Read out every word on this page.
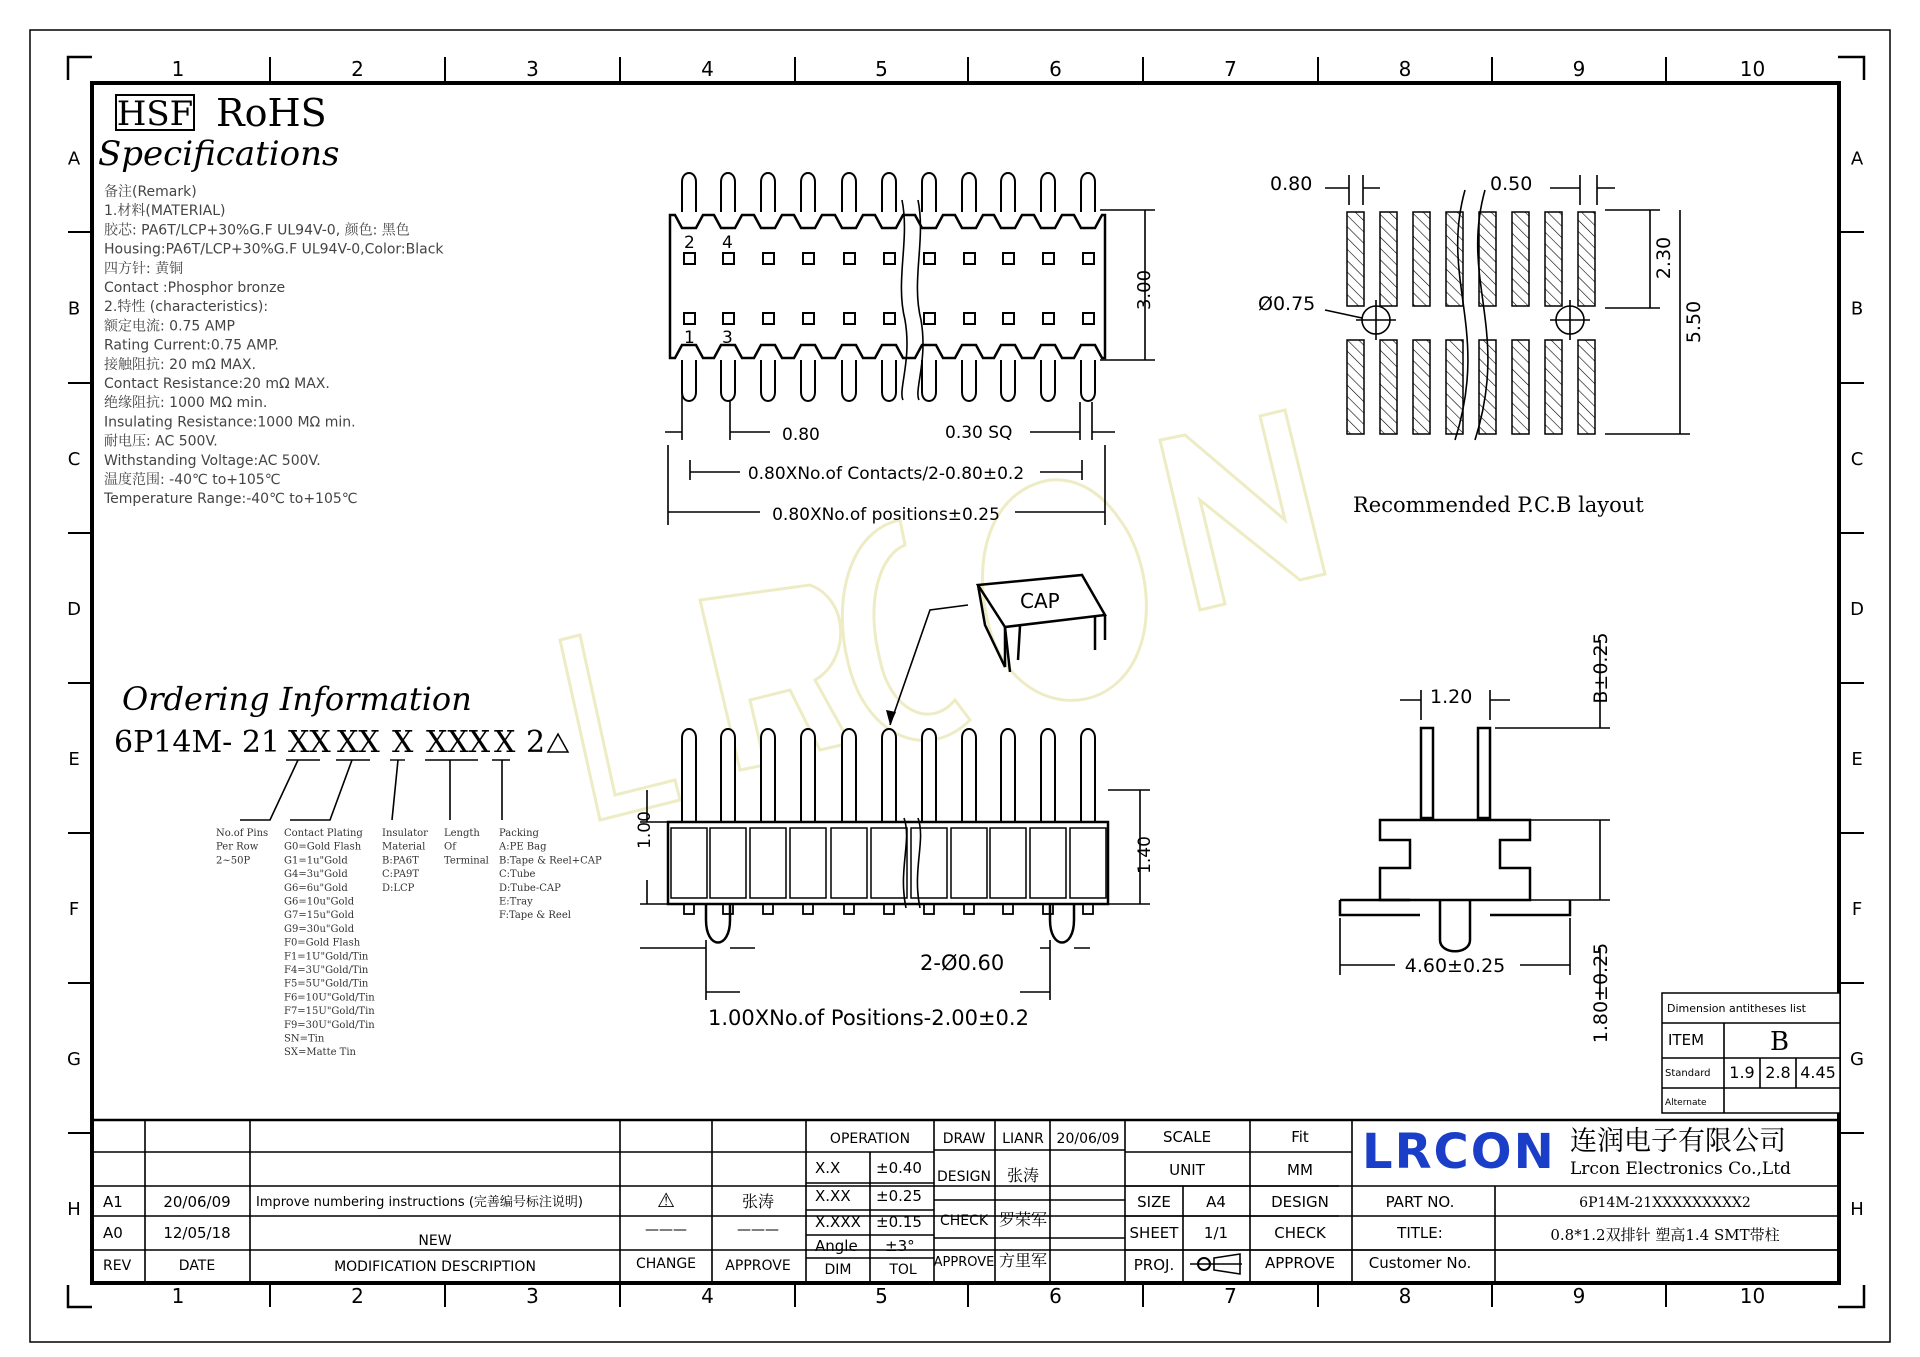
1
1
2
2
3
3
4
4
5
5
6
6
7
7
8
8
9
9
10
10
A	A
B	B
C	C
D	D
E	E
F	F
G	G
H	H
HSF RoHS
Specifications
备注(Remark)
1.材料(MATERIAL)
胶芯: PA6T/LCP+30%G.F UL94V-0, 颜色: 黑色
Housing:PA6T/LCP+30%G.F UL94V-0,Color:Black
四方针: 黄铜
Contact :Phosphor bronze
2.特性 (characteristics):
额定电流: 0.75 AMP
Rating Current:0.75 AMP.
接触阻抗: 20 mΩ MAX.
Contact Resistance:20 mΩ MAX.
绝缘阻抗: 1000 MΩ min.
Insulating Resistance:1000 MΩ min.
耐电压: AC 500V.
Withstanding Voltage:AC 500V.
温度范围: -40℃ to+105℃
Temperature Range:-40℃ to+105℃
2 4
1 3
3.00
0.80	0.30 SQ
0.80XNo.of Contacts/2-0.80±0.2
0.80XNo.of positions±0.25
0.80	0.50
2.30
5.50
Ø0.75
Recommended P.C.B layout
CAP
Ordering Information
6P14M- 21 XX XX X XXX X 2
No.of Pins
Per Row
2~50P
Contact Plating
G0=Gold Flash
G1=1u"Gold
G4=3u"Gold
G6=6u"Gold
G6=10u"Gold
G7=15u"Gold
G9=30u"Gold
F0=Gold Flash
F1=1U"Gold/Tin
F4=3U"Gold/Tin
F5=5U"Gold/Tin
F6=10U"Gold/Tin
F7=15U"Gold/Tin
F9=30U"Gold/Tin
SN=Tin
SX=Matte Tin
Insulator
Material
B:PA6T
C:PA9T
D:LCP
Length
Of
Terminal
Packing
A:PE Bag
B:Tape & Reel+CAP
C:Tube
D:Tube-CAP
E:Tray
F:Tape & Reel
1.00
1.40
2-Ø0.60
1.00XNo.of Positions-2.00±0.2
1.20	B±0.25
4.60±0.25	1.80±0.25	Dimension antitheses list
ITEM	B
Standard 1.9 2.8 4.45
Alternate
A1	20/06/09 Improve numbering instructions (完善编号标注说明)	⚠	张涛
A0	12/05/18	NEW
———	———
REV	DATE	MODIFICATION DESCRIPTION	CHANGE APPROVE
OPERATION
X.X ±0.40
X.XX ±0.25
X.XXX ±0.15
Angle ±3°
DIM	TOL
DRAW LIANR 20/06/09
DESIGN 张涛
CHECK 罗荣军
APPROVE 方里军
SCALE	Fit
UNIT	MM
SIZE A4	DESIGN
SHEET 1/1	CHECK
PROJ.	APPROVE
LRCON 连润电子有限公司
Lrcon Electronics Co.,Ltd
PART NO.	6P14M-21XXXXXXXXX2
TITLE:	0.8*1.2双排针 塑高1.4 SMT带柱
Customer No.
